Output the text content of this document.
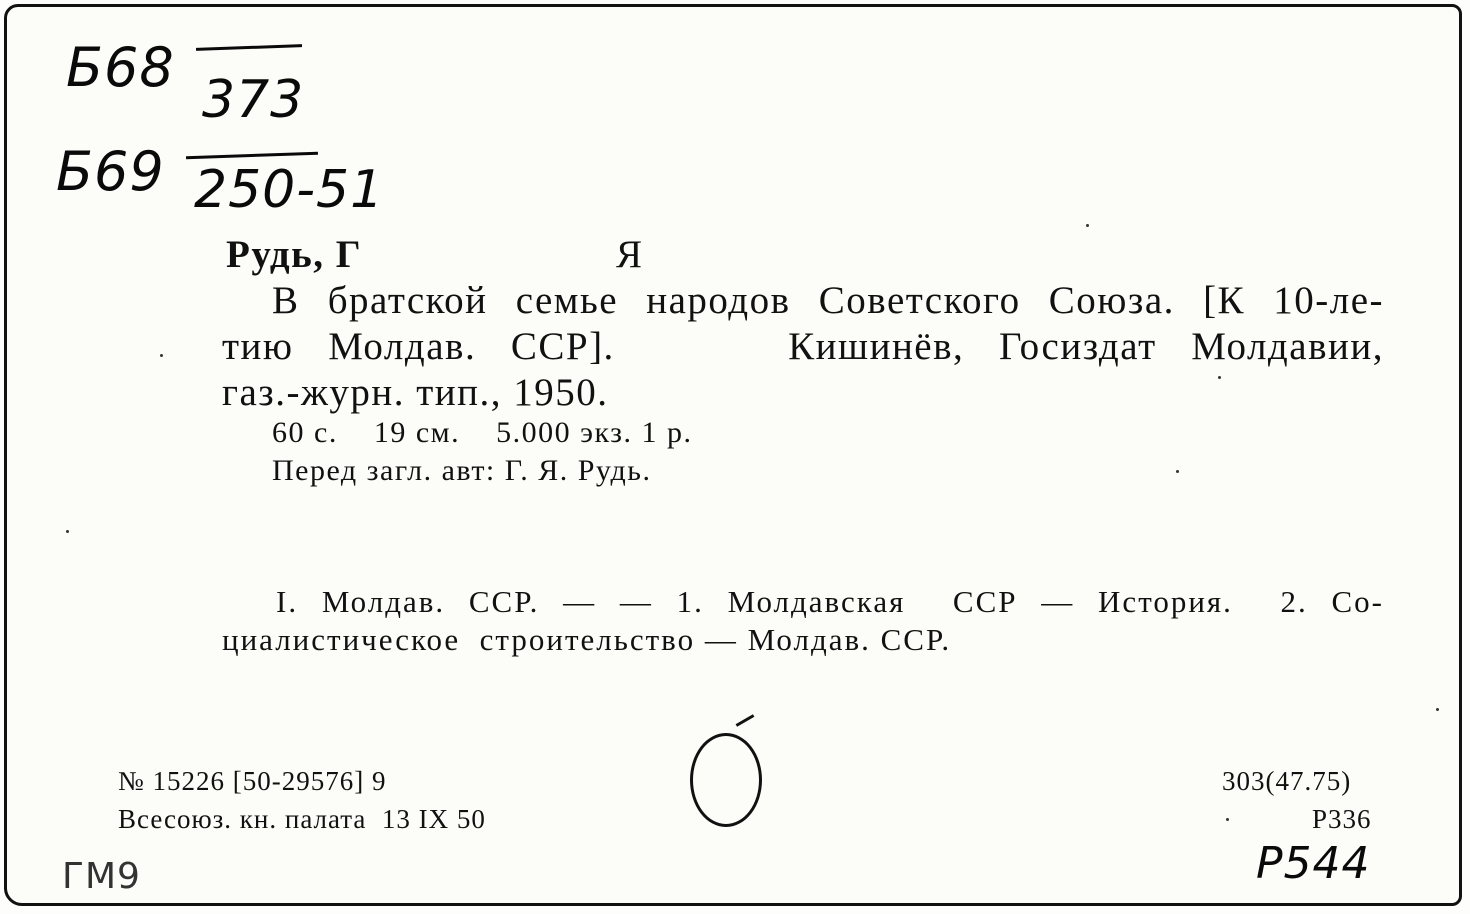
Б68
373
Б69 250-51
Рудь, Г	Я
В братской семье народов Советского Союза. [К 10-ле-
тию Молдав. ССР].     Кишинёв, Госиздат Молдавии,
газ.-журн. тип., 1950.
60 с.    19 см.    5.000 экз. 1 р.
Перед загл. авт: Г. Я. Рудь.
I. Молдав. ССР. — — 1. Молдавская  ССР — История.  2. Со-
циалистическое  строительство — Молдав. ССР.
№ 15226 [50-29576] 9
Всесоюз. кн. палата  13 IX 50
303(47.75)
Р336
ГМ9	Р544
